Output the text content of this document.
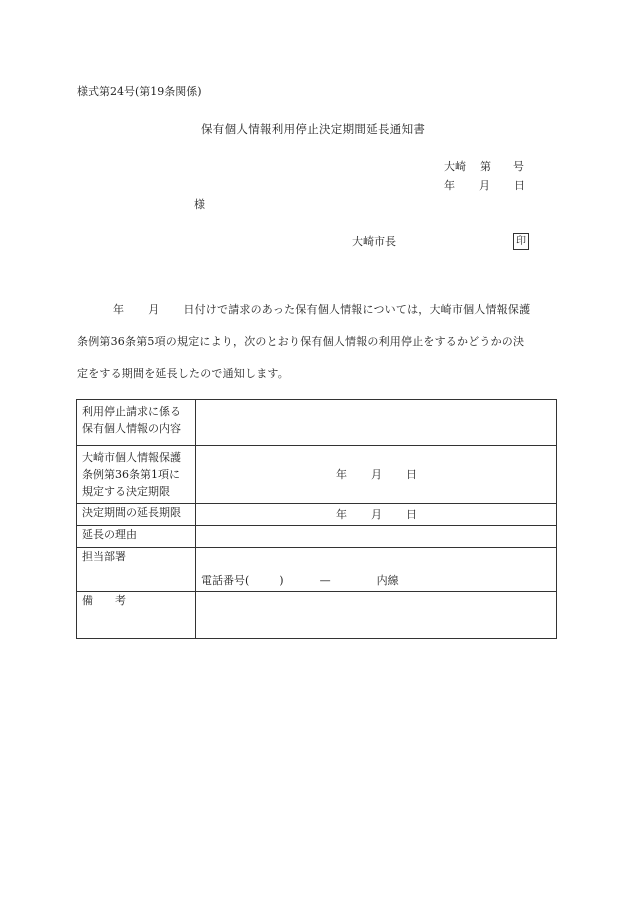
様式第24号(第19条関係)
保有個人情報利用停止決定期間延長通知書
大崎 第 号
年 月 日
様
大崎市長	印
年 月 日付けで請求のあった保有個人情報については，大崎市個人情報保護
条例第36条第5項の規定により，次のとおり保有個人情報の利用停止をするかどうかの決
定をする期間を延長したので通知します。
利用停止請求に係る
保有個人情報の内容	

大崎市個人情報保護
条例第36条第1項に
規定する決定期限	年 月 日

決定期間の延長期限	年 月 日

延長の理由	
担当部署	電話番号( ) — 内線

備　　考	
